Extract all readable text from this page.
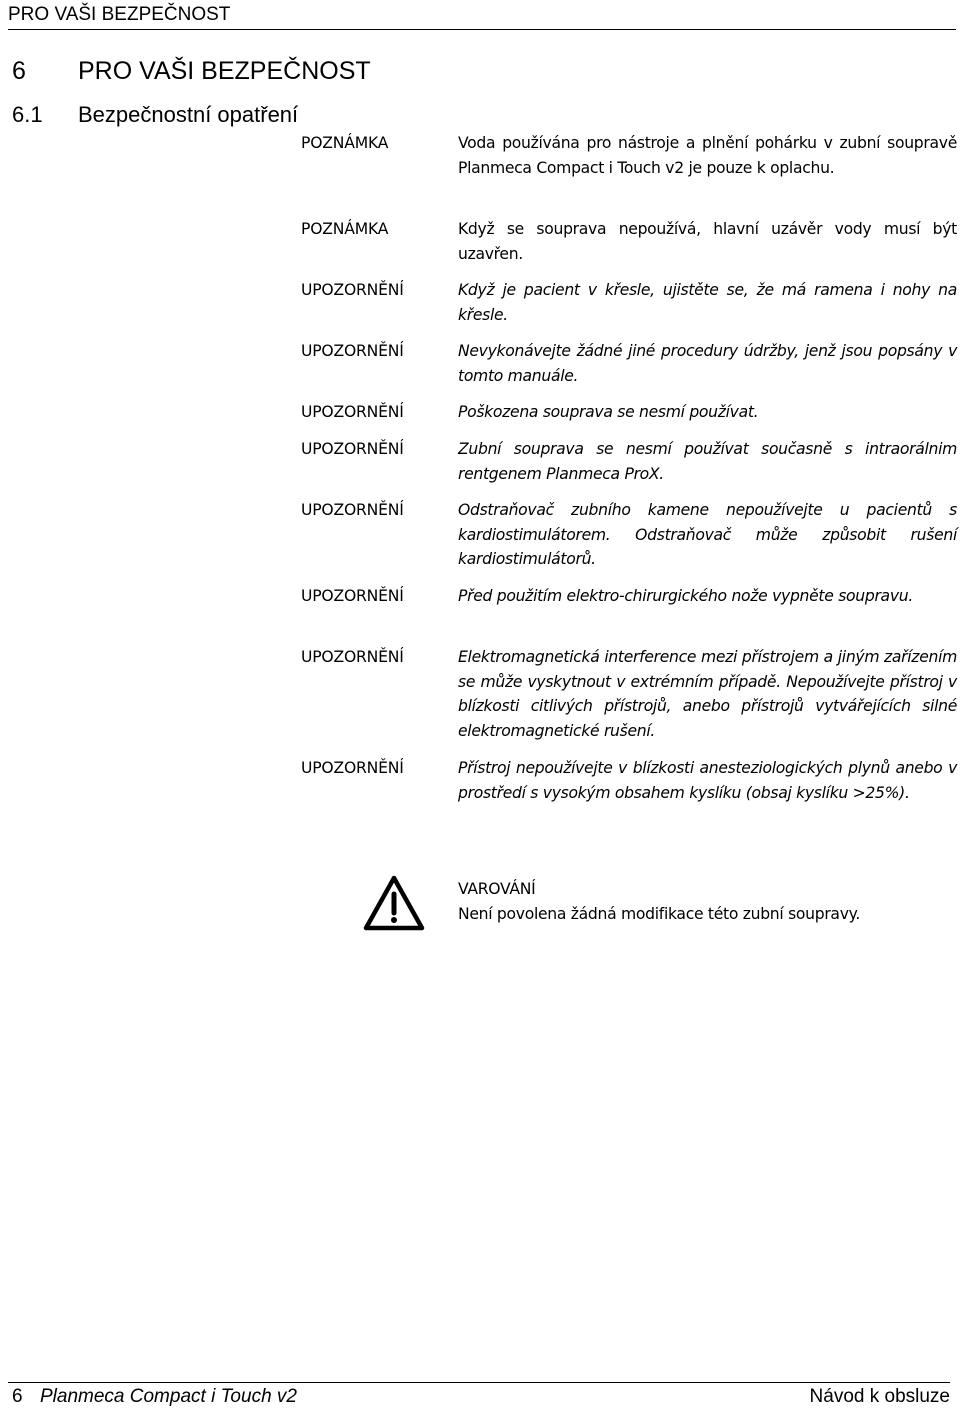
PRO VAŠI BEZPEČNOST
6 PRO VAŠI BEZPEČNOST
6.1 Bezpečnostní opatření
POZNÁMKA	Voda používána pro nástroje a plnění pohárku v zubní soupravě Planmeca Compact i Touch v2 je pouze k oplachu.
POZNÁMKA	Když se souprava nepoužívá, hlavní uzávěr vody musí být uzavřen.
UPOZORNĚNÍ	Když je pacient v křesle, ujistěte se, že má ramena i nohy na křesle.
UPOZORNĚNÍ	Nevykonávejte žádné jiné procedury údržby, jenž jsou popsány v tomto manuále.
UPOZORNĚNÍ	Poškozena souprava se nesmí používat.
UPOZORNĚNÍ	Zubní souprava se nesmí používat současně s intraorálnim rentgenem Planmeca ProX.
UPOZORNĚNÍ	Odstraňovač zubního kamene nepoužívejte u pacientů s kardiostimulátorem. Odstraňovač může způsobit rušení kardiostimulátorů.
UPOZORNĚNÍ	Před použitím elektro-chirurgického nože vypněte soupravu.
UPOZORNĚNÍ	Elektromagnetická interference mezi přístrojem a jiným zařízením se může vyskytnout v extrémním případě. Nepoužívejte přístroj v blízkosti citlivých přístrojů, anebo přístrojů vytvářejících silné elektromagnetické rušení.
UPOZORNĚNÍ	Přístroj nepoužívejte v blízkosti anesteziologických plynů anebo v prostředí s vysokým obsahem kyslíku (obsaj kyslíku >25%).
VAROVÁNÍ
Není povolena žádná modifikace této zubní soupravy.
6 Planmeca Compact i Touch v2	Návod k obsluze
